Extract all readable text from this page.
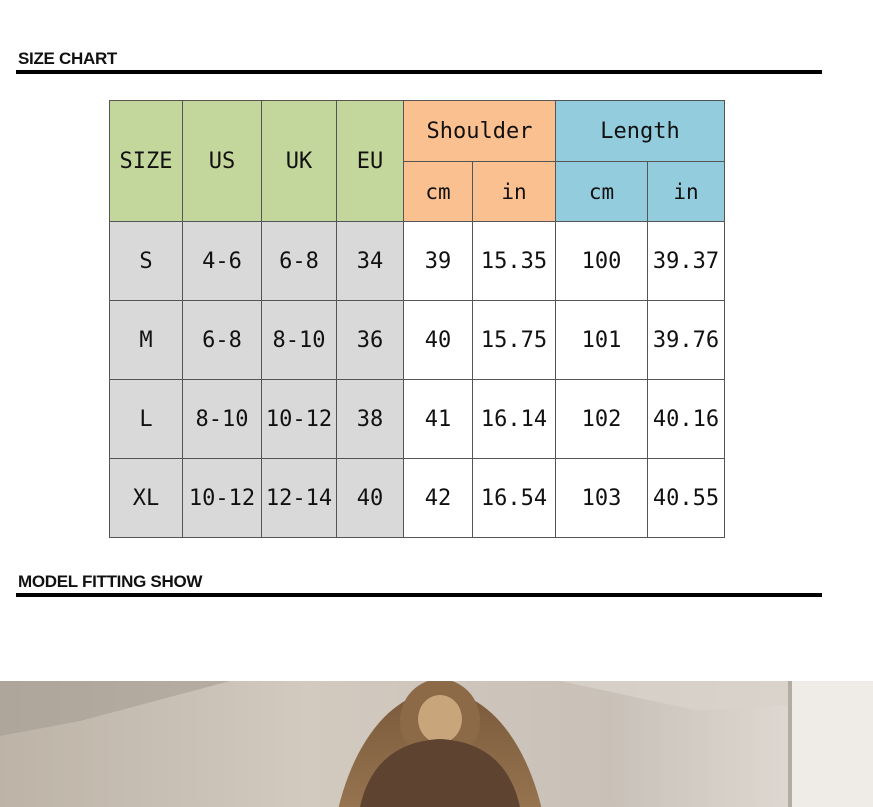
SIZE CHART
SIZE	US	UK	EU	Shoulder		Length	
				cm	in	cm	in
S	4-6	6-8	34	39	15.35	100	39.37
M	6-8	8-10	36	40	15.75	101	39.76
L	8-10	10-12	38	41	16.14	102	40.16
XL	10-12	12-14	40	42	16.54	103	40.55
MODEL FITTING SHOW
